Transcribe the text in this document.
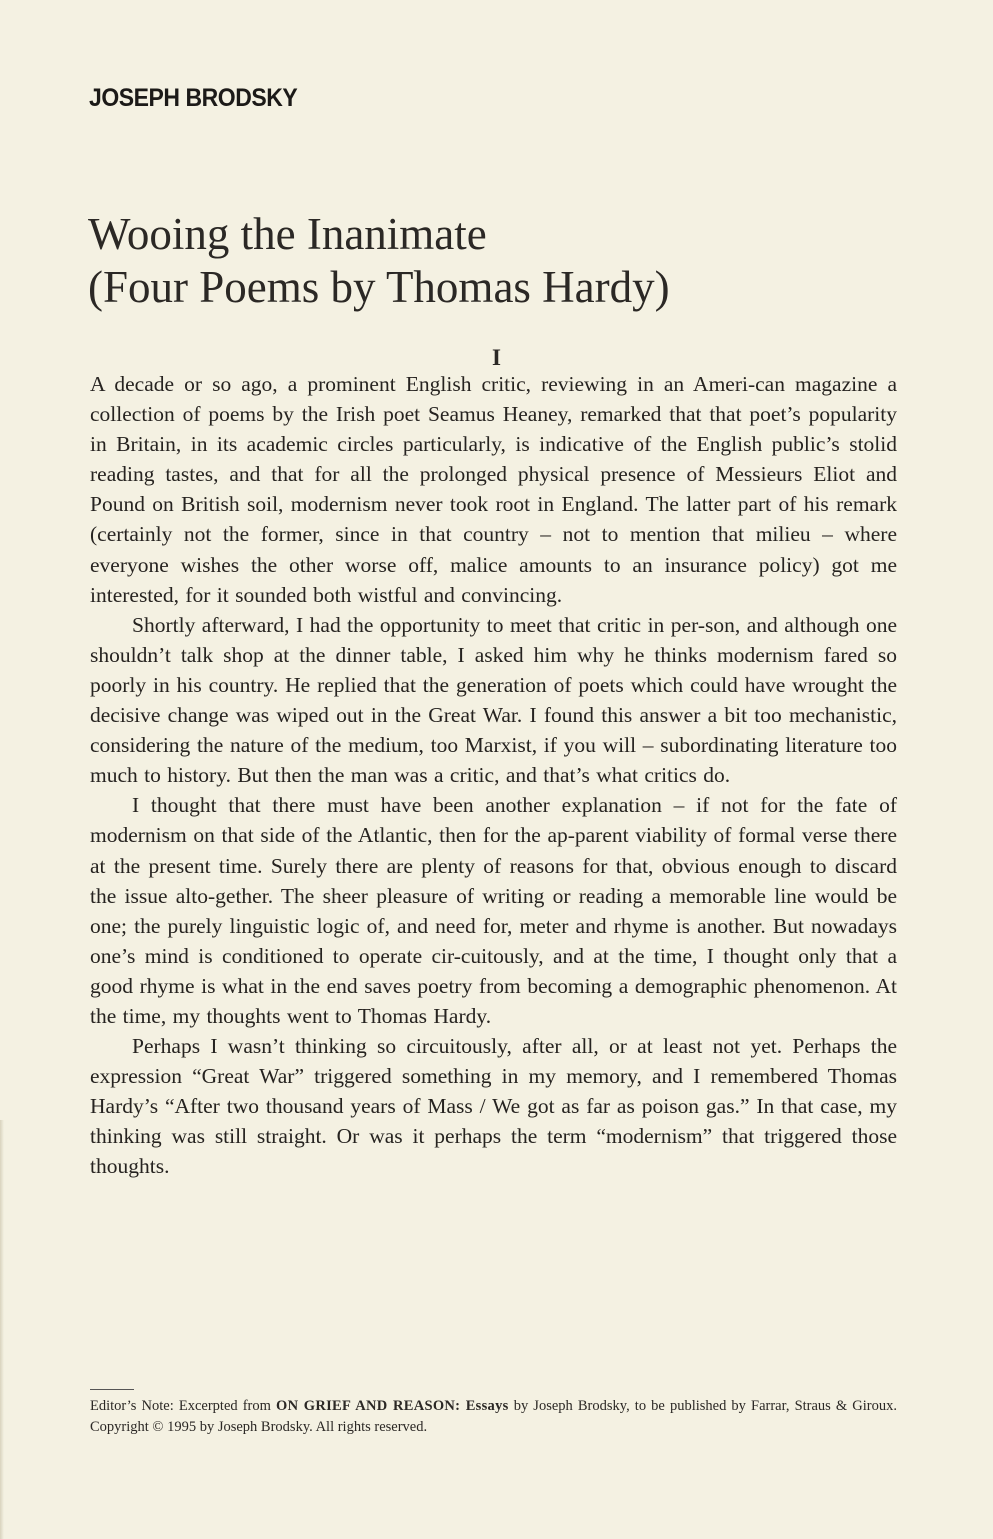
JOSEPH BRODSKY
Wooing the Inanimate
(Four Poems by Thomas Hardy)
I

A decade or so ago, a prominent English critic, reviewing in an Ameri-can magazine a collection of poems by the Irish poet Seamus Heaney, remarked that that poet’s popularity in Britain, in its academic circles particularly, is indicative of the English public’s stolid reading tastes, and that for all the prolonged physical presence of Messieurs Eliot and Pound on British soil, modernism never took root in England. The latter part of his remark (certainly not the former, since in that country – not to mention that milieu – where everyone wishes the other worse off, malice amounts to an insurance policy) got me interested, for it sounded both wistful and convincing.

Shortly afterward, I had the opportunity to meet that critic in per-son, and although one shouldn’t talk shop at the dinner table, I asked him why he thinks modernism fared so poorly in his country. He replied that the generation of poets which could have wrought the decisive change was wiped out in the Great War. I found this answer a bit too mechanistic, considering the nature of the medium, too Marxist, if you will – subordinating literature too much to history. But then the man was a critic, and that’s what critics do.

I thought that there must have been another explanation – if not for the fate of modernism on that side of the Atlantic, then for the ap-parent viability of formal verse there at the present time. Surely there are plenty of reasons for that, obvious enough to discard the issue alto-gether. The sheer pleasure of writing or reading a memorable line would be one; the purely linguistic logic of, and need for, meter and rhyme is another. But nowadays one’s mind is conditioned to operate cir-cuitously, and at the time, I thought only that a good rhyme is what in the end saves poetry from becoming a demographic phenomenon. At the time, my thoughts went to Thomas Hardy.

Perhaps I wasn’t thinking so circuitously, after all, or at least not yet. Perhaps the expression “Great War” triggered something in my memory, and I remembered Thomas Hardy’s “After two thousand years of Mass / We got as far as poison gas.” In that case, my thinking was still straight. Or was it perhaps the term “modernism” that triggered those thoughts.

Editor’s Note: Excerpted from ON GRIEF AND REASON: Essays by Joseph Brodsky, to be published by Farrar, Straus & Giroux. Copyright © 1995 by Joseph Brodsky. All rights reserved.
